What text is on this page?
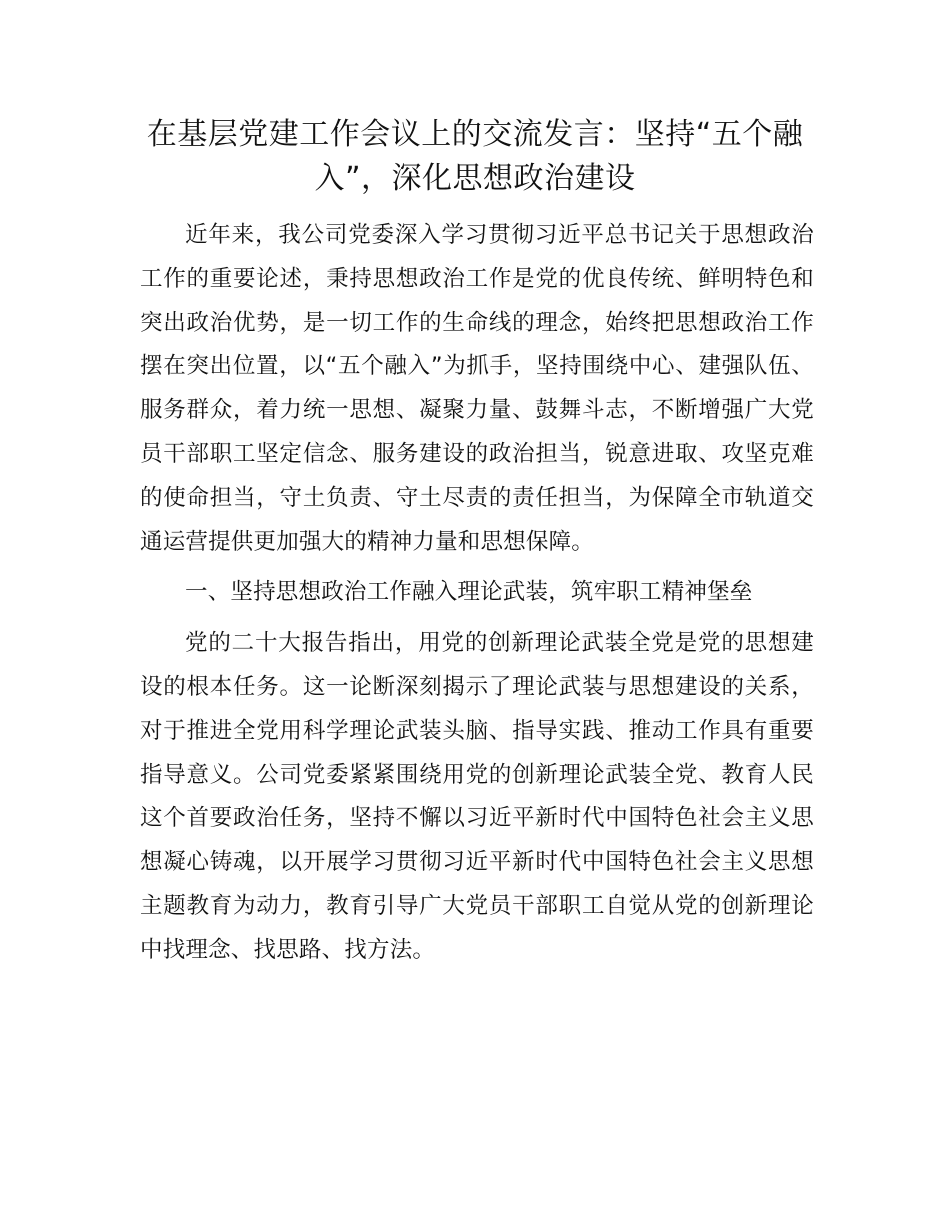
在基层党建工作会议上的交流发言：坚持“五个融入”，深化思想政治建设

近年来，我公司党委深入学习贯彻习近平总书记关于思想政治工作的重要论述，秉持思想政治工作是党的优良传统、鲜明特色和突出政治优势，是一切工作的生命线的理念，始终把思想政治工作摆在突出位置，以“五个融入”为抓手，坚持围绕中心、建强队伍、服务群众，着力统一思想、凝聚力量、鼓舞斗志，不断增强广大党员干部职工坚定信念、服务建设的政治担当，锐意进取、攻坚克难的使命担当，守土负责、守土尽责的责任担当，为保障全市轨道交通运营提供更加强大的精神力量和思想保障。

一、坚持思想政治工作融入理论武装，筑牢职工精神堡垒

党的二十大报告指出，用党的创新理论武装全党是党的思想建设的根本任务。这一论断深刻揭示了理论武装与思想建设的关系，对于推进全党用科学理论武装头脑、指导实践、推动工作具有重要指导意义。公司党委紧紧围绕用党的创新理论武装全党、教育人民这个首要政治任务，坚持不懈以习近平新时代中国特色社会主义思想凝心铸魂，以开展学习贯彻习近平新时代中国特色社会主义思想主题教育为动力，教育引导广大党员干部职工自觉从党的创新理论中找理念、找思路、找方法。
